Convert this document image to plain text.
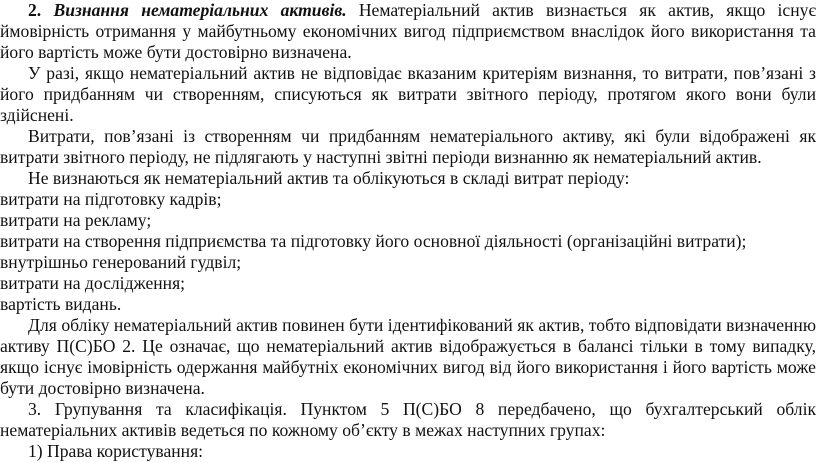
2. Визнання нематеріальних активів. Нематеріальний актив визнається як актив, якщо існує ймовірність отримання у майбутньому економічних вигод підприємством внаслідок його використання та його вартість може бути достовірно визначена.

У разі, якщо нематеріальний актив не відповідає вказаним критеріям визнання, то витрати, пов’язані з його придбанням чи створенням, списуються як витрати звітного періоду, протягом якого вони були здійснені.

Витрати, пов’язані із створенням чи придбанням нематеріального активу, які були відображені як витрати звітного періоду, не підлягають у наступні звітні періоди визнанню як нематеріальний актив.

Не визнаються як нематеріальний актив та облікуються в складі витрат періоду:

витрати на підготовку кадрів;

витрати на рекламу;

витрати на створення підприємства та підготовку його основної діяльності (організаційні витрати);

внутрішньо генерований гудвіл;

витрати на дослідження;

вартість видань.

Для обліку нематеріальний актив повинен бути ідентифікований як актив, тобто відповідати визначенню активу П(С)БО 2. Це означає, що нематеріальний актив відображується в балансі тільки в тому випадку, якщо існує імовірність одержання майбутніх економічних вигод від його використання і його вартість може бути достовірно визначена.

3. Групування та класифікація. Пунктом 5 П(С)БО 8 передбачено, що бухгалтерський облік нематеріальних активів ведеться по кожному об’єкту в межах наступних групах:

1) Права користування:
